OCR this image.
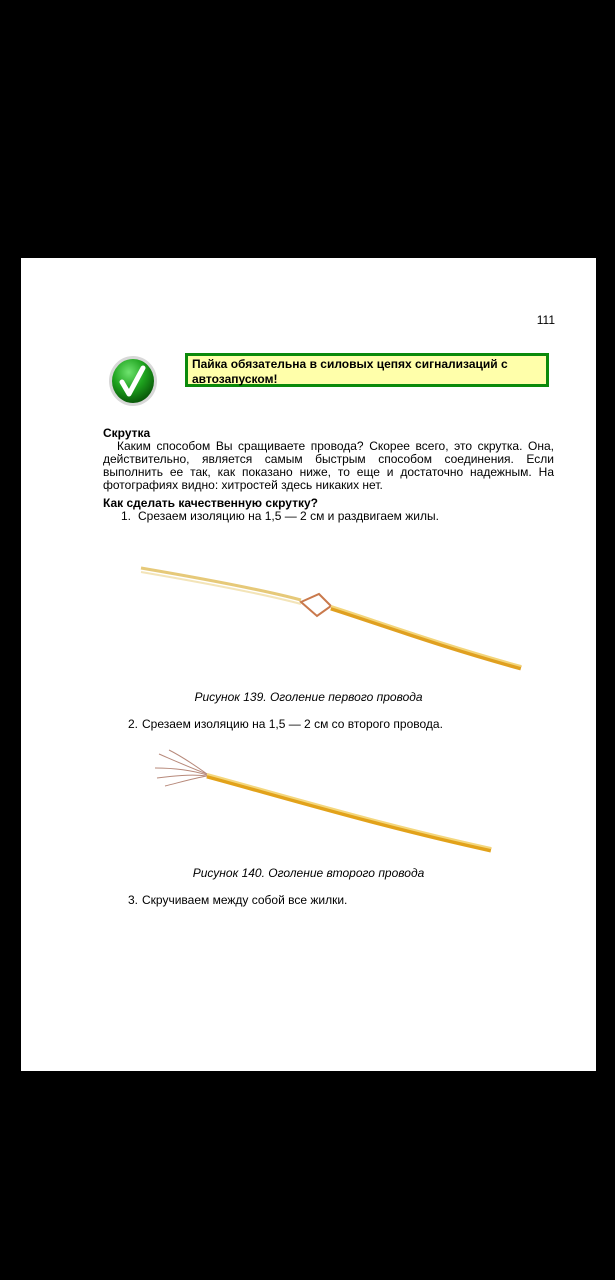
111
Пайка обязательна в силовых цепях сигнализаций с автозапуском!

Скрутка

Каким способом Вы сращиваете провода? Скорее всего, это скрутка. Она, действительно, является самым быстрым способом соединения. Если выполнить ее так, как показано ниже, то еще и достаточно надежным. На фотографиях видно: хитростей здесь никаких нет.

Как сделать качественную скрутку?

1. Срезаем изоляцию на 1,5 — 2 см и раздвигаем жилы.

Рисунок 139. Оголение первого провода
2. Срезаем изоляцию на 1,5 — 2 см со второго провода.
Рисунок 140. Оголение второго провода
3. Скручиваем между собой все жилки.
